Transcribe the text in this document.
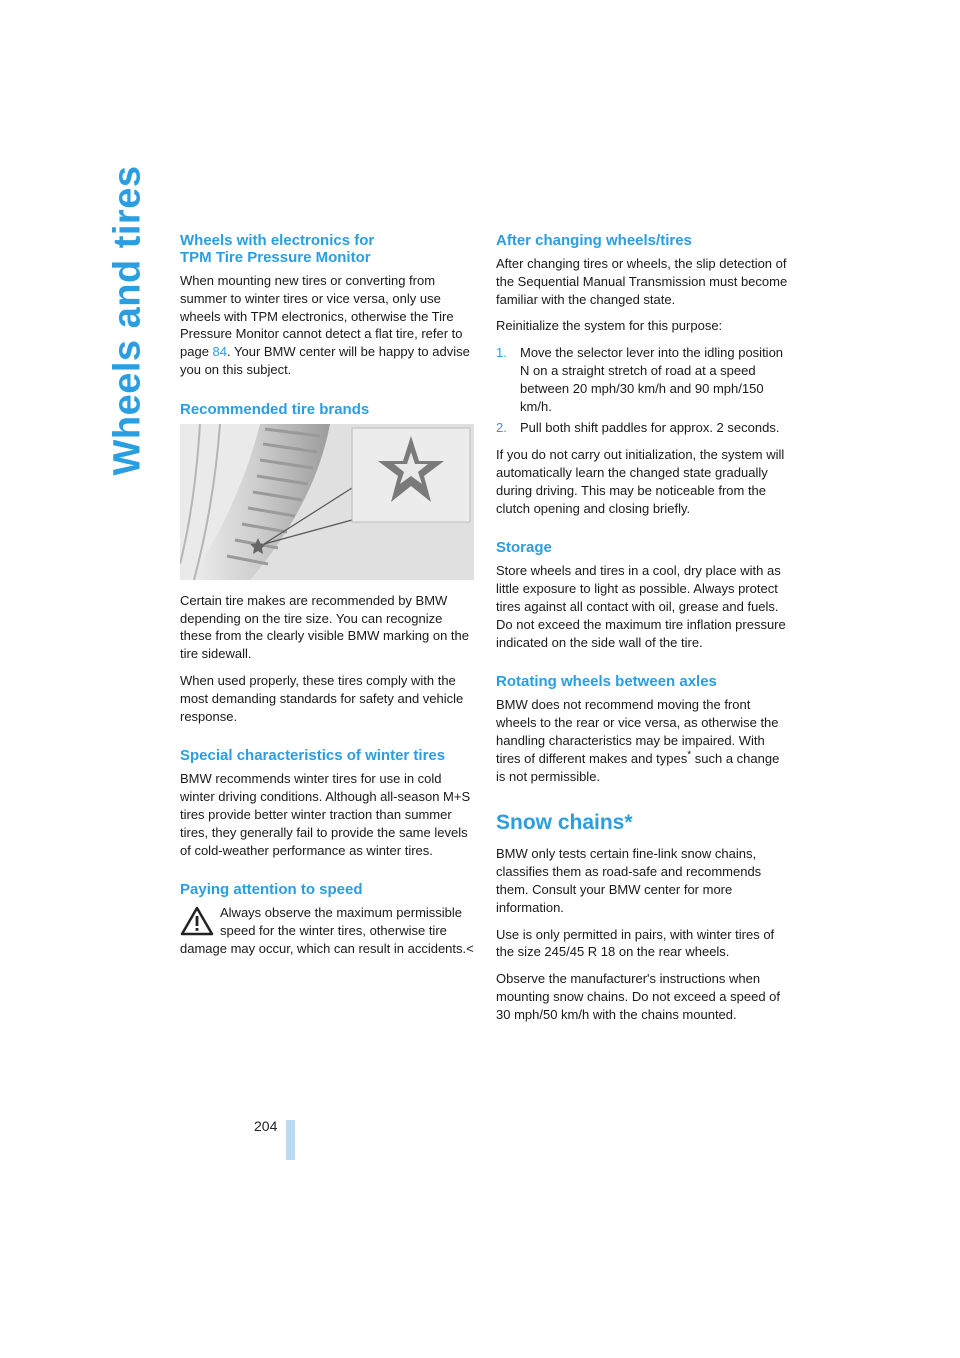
Wheels and tires
204
Wheels with electronics for
TPM Tire Pressure Monitor

When mounting new tires or converting from summer to winter tires or vice versa, only use wheels with TPM electronics, otherwise the Tire Pressure Monitor cannot detect a flat tire, refer to page 84. Your BMW center will be happy to advise you on this subject.

Recommended tire brands

Certain tire makes are recommended by BMW depending on the tire size. You can recognize these from the clearly visible BMW marking on the tire sidewall.

When used properly, these tires comply with the most demanding standards for safety and vehicle response.

Special characteristics of winter tires

BMW recommends winter tires for use in cold winter driving conditions. Although all-season M+S tires provide better winter traction than summer tires, they generally fail to provide the same levels of cold-weather performance as winter tires.

Paying attention to speed

Always observe the maximum permissible speed for the winter tires, otherwise tire damage may occur, which can result in accidents.<

After changing wheels/tires

After changing tires or wheels, the slip detection of the Sequential Manual Transmission must become familiar with the changed state.

Reinitialize the system for this purpose:

1.	Move the selector lever into the idling position N on a straight stretch of road at a speed between 20 mph/30 km/h and 90 mph/150 km/h.
2.	Pull both shift paddles for approx. 2 seconds.

If you do not carry out initialization, the system will automatically learn the changed state gradually during driving. This may be noticeable from the clutch opening and closing briefly.

Storage

Store wheels and tires in a cool, dry place with as little exposure to light as possible. Always protect tires against all contact with oil, grease and fuels. Do not exceed the maximum tire inflation pressure indicated on the side wall of the tire.

Rotating wheels between axles

BMW does not recommend moving the front wheels to the rear or vice versa, as otherwise the handling characteristics may be impaired. With tires of different makes and types* such a change is not permissible.

Snow chains*

BMW only tests certain fine-link snow chains, classifies them as road-safe and recommends them. Consult your BMW center for more information.

Use is only permitted in pairs, with winter tires of the size 245/45 R 18 on the rear wheels.

Observe the manufacturer's instructions when mounting snow chains. Do not exceed a speed of 30 mph/50 km/h with the chains mounted.
